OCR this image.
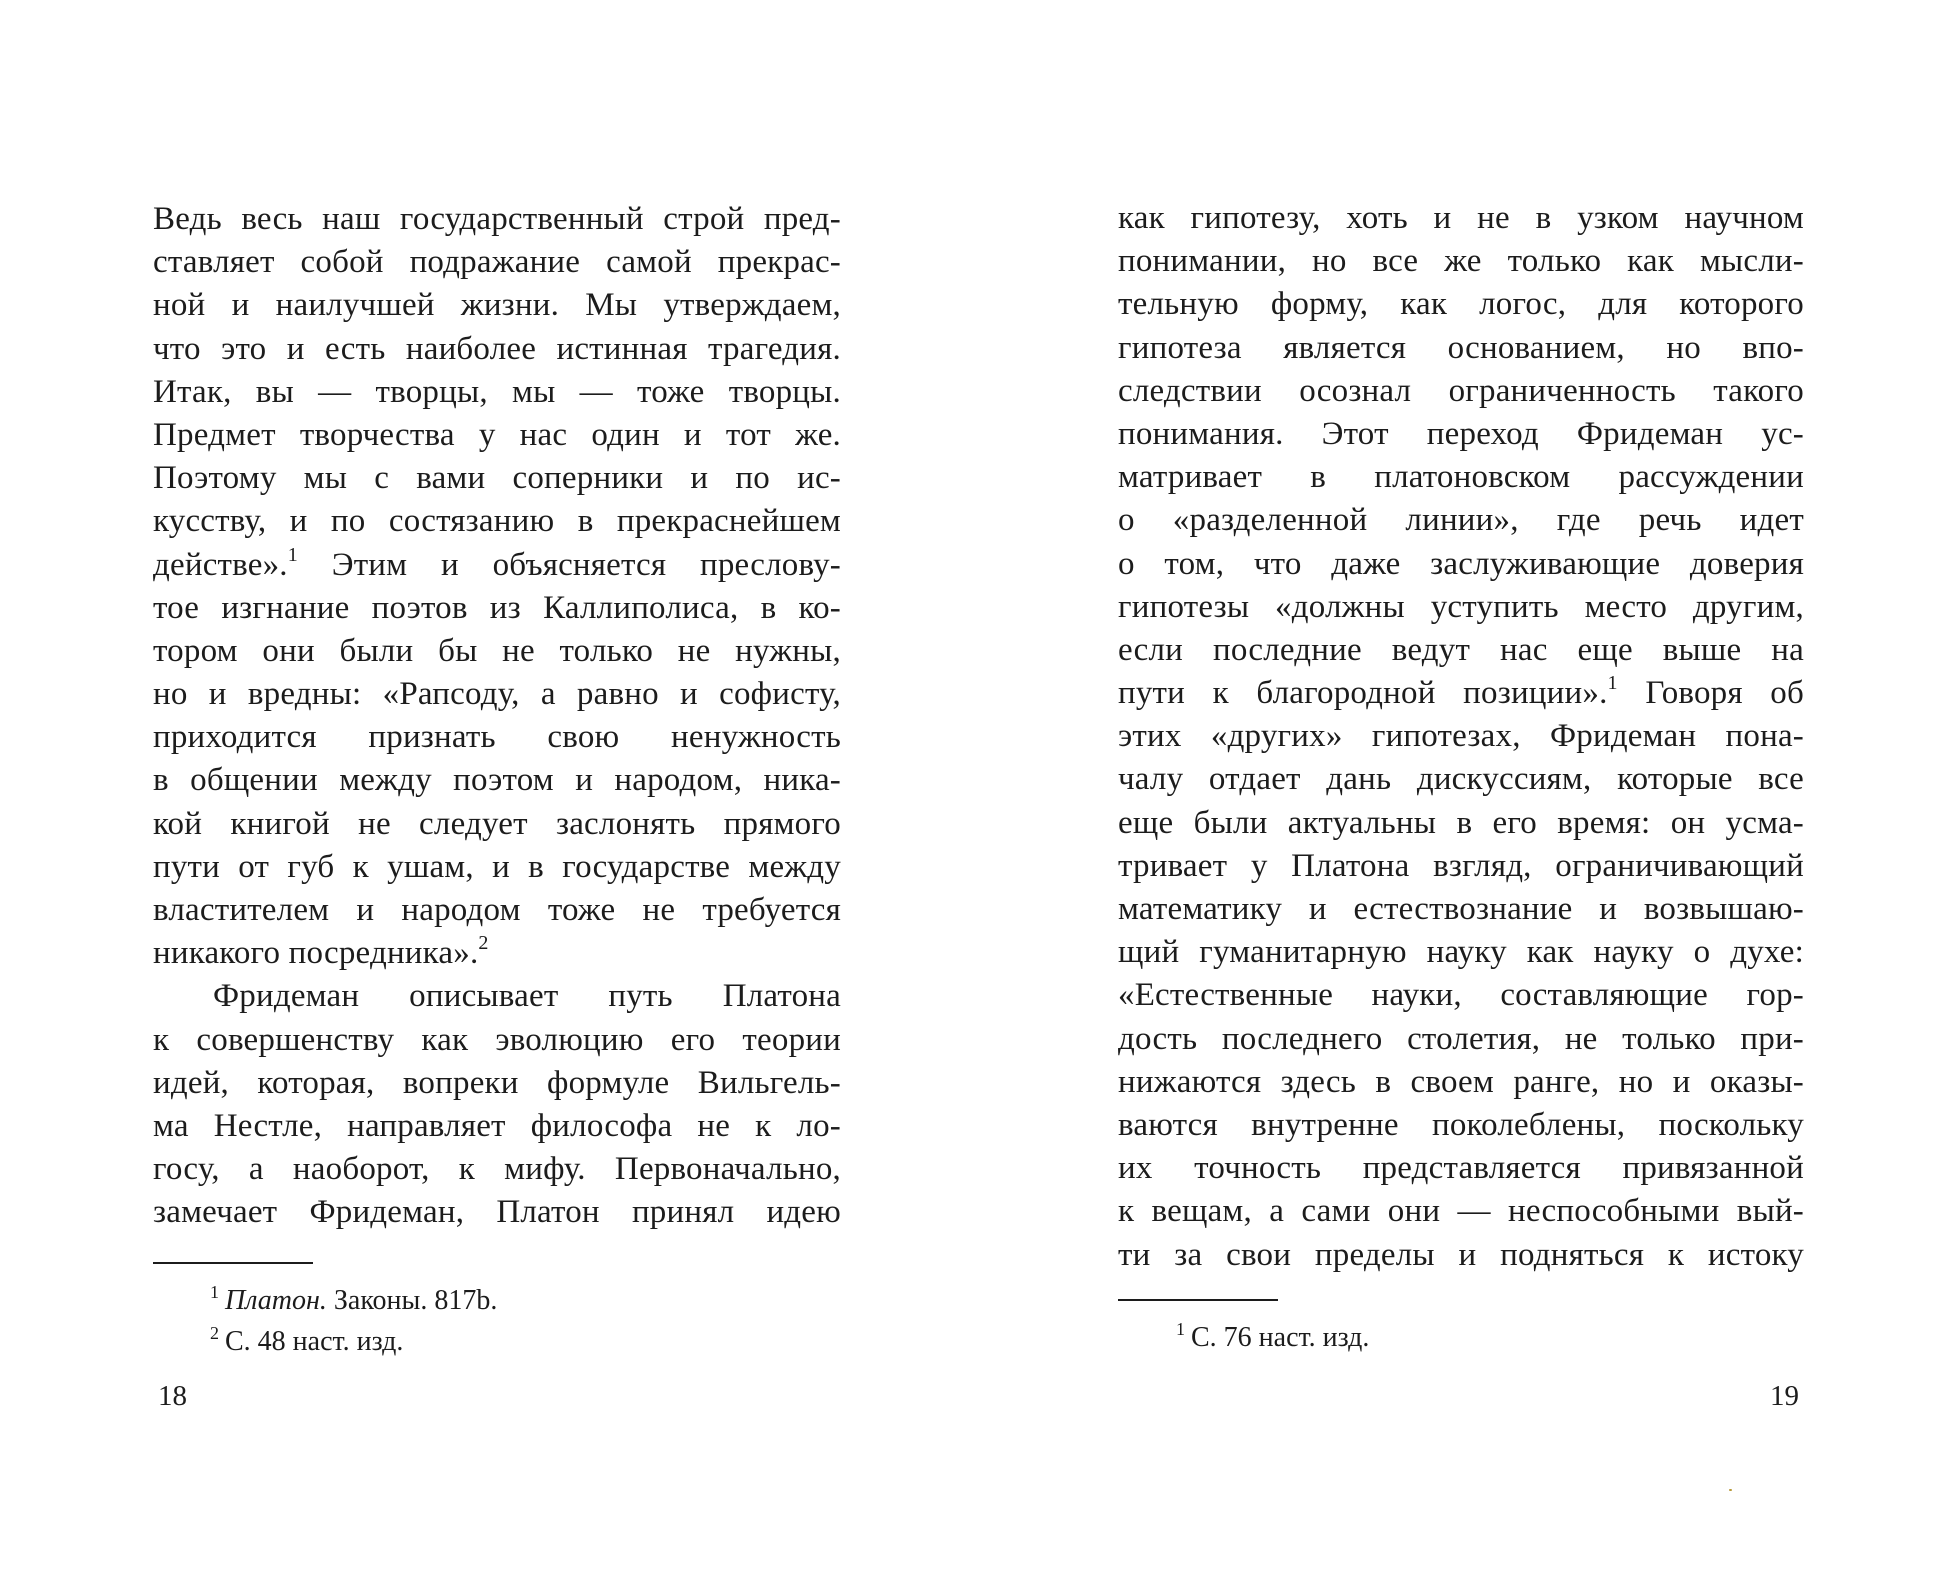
Ведь весь наш государственный строй пред-
ставляет собой подражание самой прекрас-
ной и наилучшей жизни. Мы утверждаем,
что это и есть наиболее истинная трагедия.
Итак, вы — творцы, мы — тоже творцы.
Предмет творчества у нас один и тот же.
Поэтому мы с вами соперники и по ис-
кусству, и по состязанию в прекраснейшем
действе».$^1$ Этим и объясняется преслову-
тое изгнание поэтов из Каллиполиса, в ко-
тором они были бы не только не нужны,
но и вредны: «Рапсоду, а равно и софисту,
приходится признать свою ненужность
в общении между поэтом и народом, ника-
кой книгой не следует заслонять прямого
пути от губ к ушам, и в государстве между
властителем и народом тоже не требуется
никакого посредника».$^2$
Фридеман описывает путь Платона
к совершенству как эволюцию его теории
идей, которая, вопреки формуле Вильгель-
ма Нестле, направляет философа не к ло-
госу, а наоборот, к мифу. Первоначально,
замечает Фридеман, Платон принял идею
$^1$ Платон. Законы. 817b.
$^2$ С. 48 наст. изд.
18
как гипотезу, хоть и не в узком научном
понимании, но все же только как мысли-
тельную форму, как логос, для которого
гипотеза является основанием, но впо-
следствии осознал ограниченность такого
понимания. Этот переход Фридеман ус-
матривает в платоновском рассуждении
о «разделенной линии», где речь идет
о том, что даже заслуживающие доверия
гипотезы «должны уступить место другим,
если последние ведут нас еще выше на
пути к благородной позиции».$^1$ Говоря об
этих «других» гипотезах, Фридеман пона-
чалу отдает дань дискуссиям, которые все
еще были актуальны в его время: он усма-
тривает у Платона взгляд, ограничивающий
математику и естествознание и возвышаю-
щий гуманитарную науку как науку о духе:
«Естественные науки, составляющие гор-
дость последнего столетия, не только при-
нижаются здесь в своем ранге, но и оказы-
ваются внутренне поколеблены, поскольку
их точность представляется привязанной
к вещам, а сами они — неспособными вый-
ти за свои пределы и подняться к истоку
$^1$ С. 76 наст. изд.
19
